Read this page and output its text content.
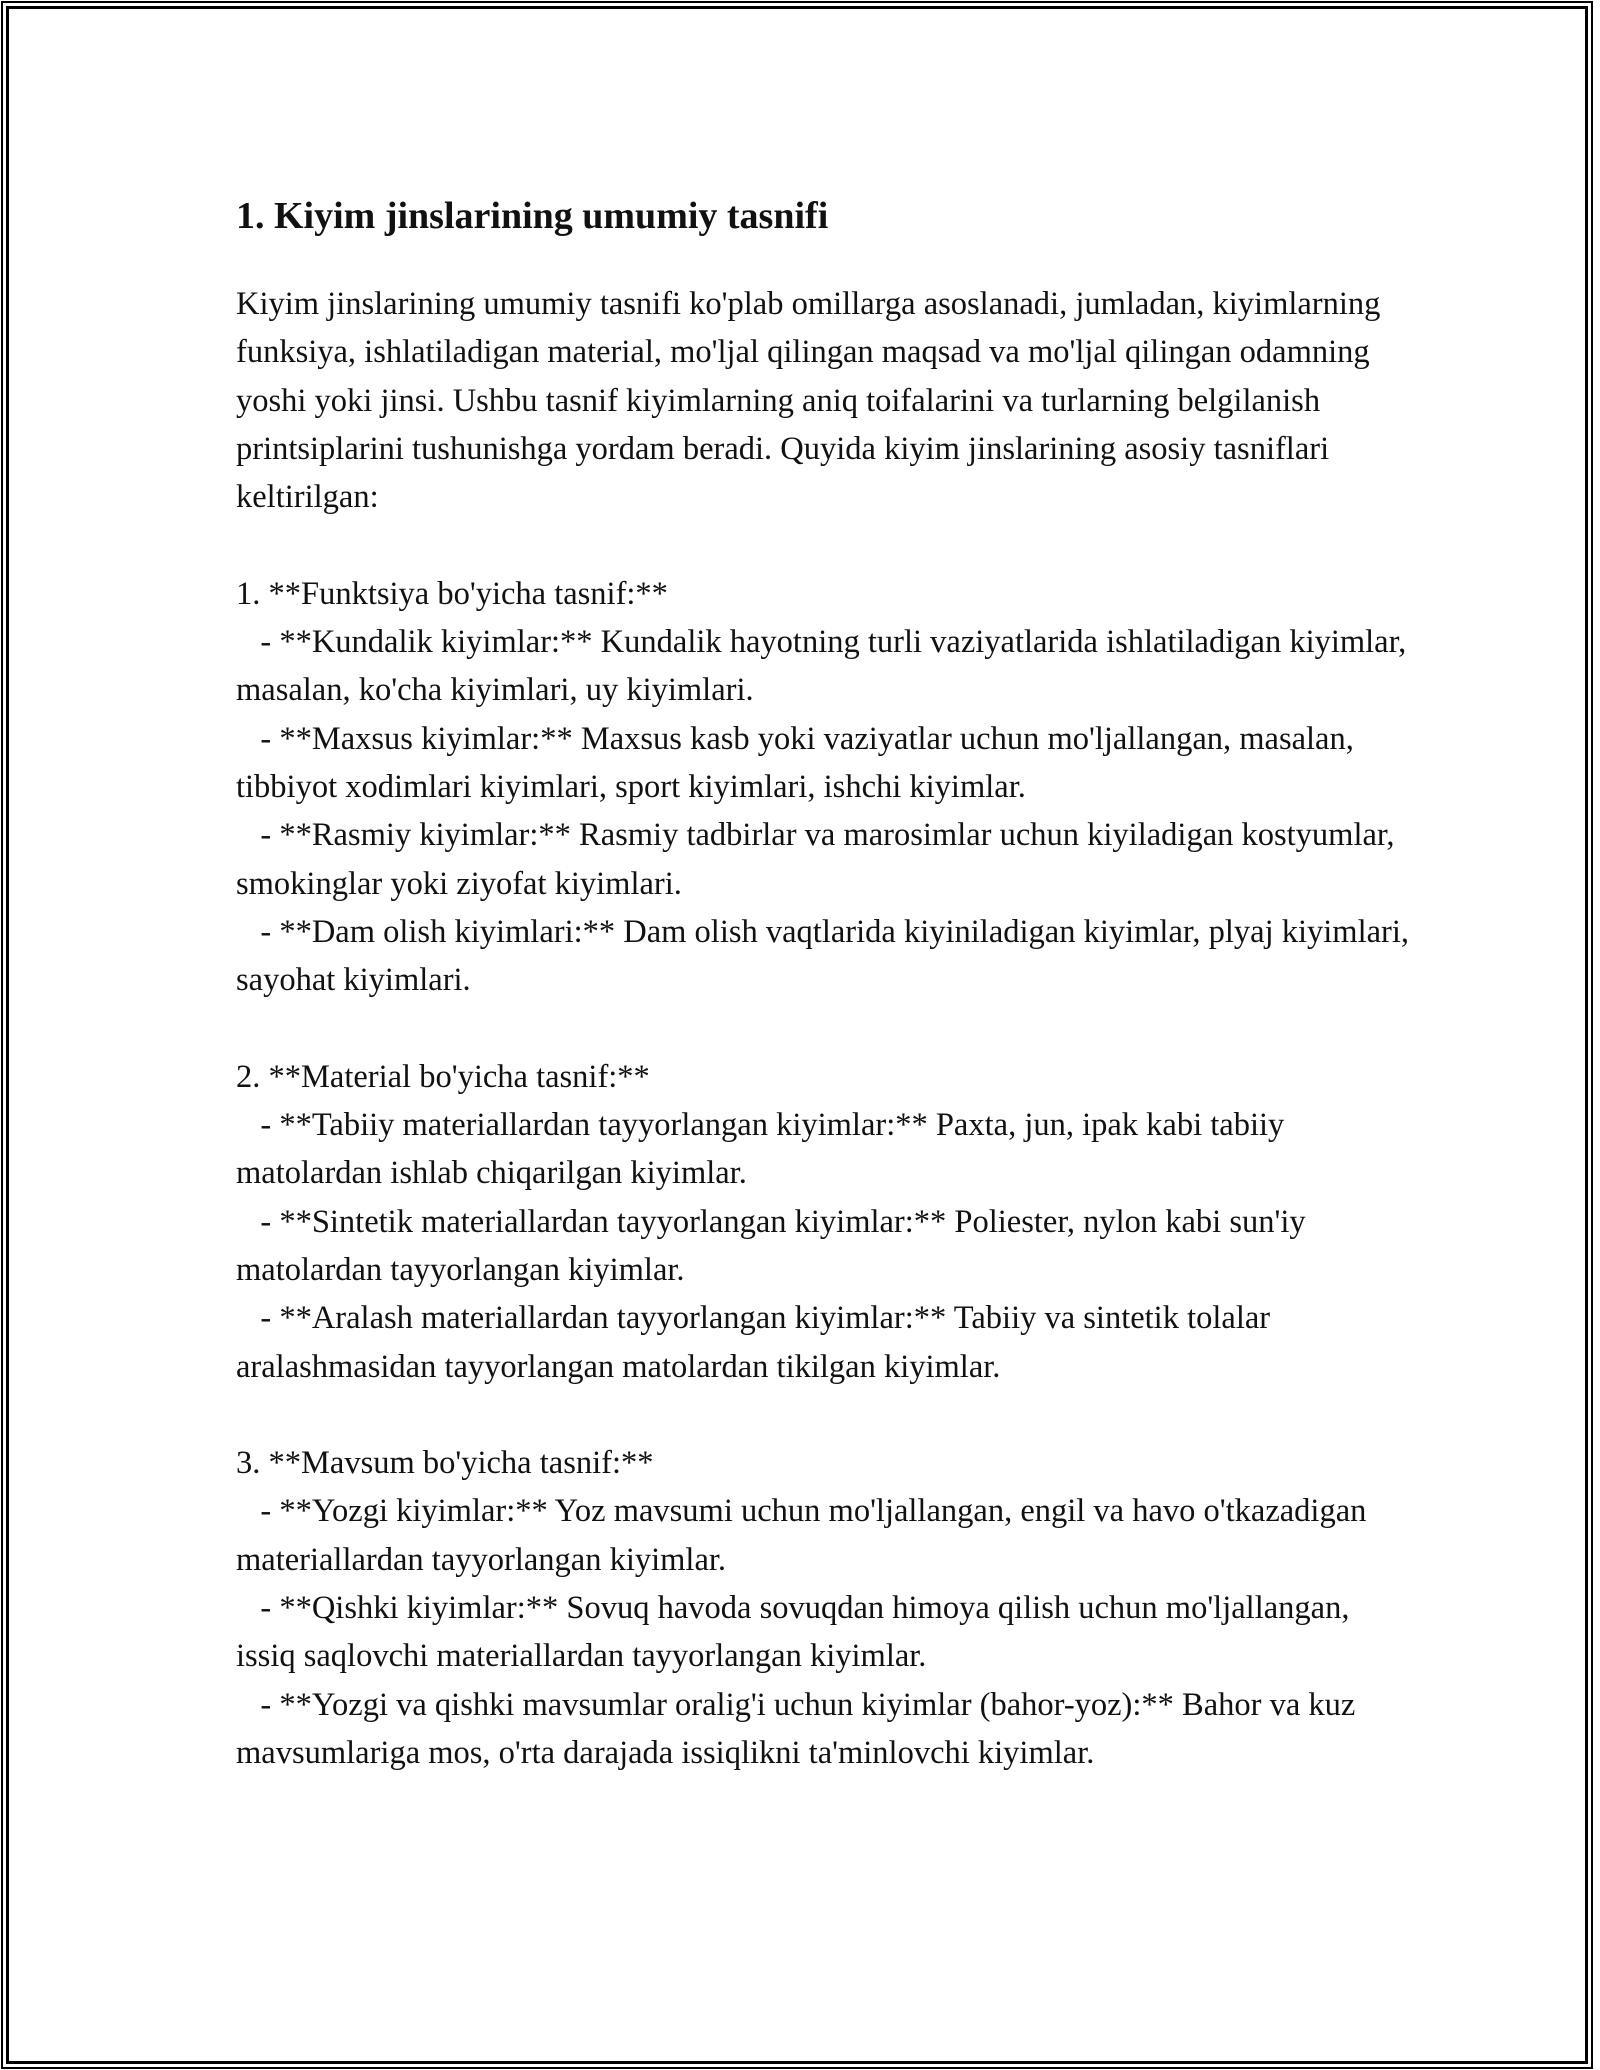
1. Kiyim jinslarining umumiy tasnifi

Kiyim jinslarining umumiy tasnifi ko'plab omillarga asoslanadi, jumladan, kiyimlarning funksiya, ishlatiladigan material, mo'ljal qilingan maqsad va mo'ljal qilingan odamning yoshi yoki jinsi. Ushbu tasnif kiyimlarning aniq toifalarini va turlarning belgilanish printsiplarini tushunishga yordam beradi. Quyida kiyim jinslarining asosiy tasniflari keltirilgan:

1. **Funktsiya bo'yicha tasnif:**
- **Kundalik kiyimlar:** Kundalik hayotning turli vaziyatlarida ishlatiladigan kiyimlar, masalan, ko'cha kiyimlari, uy kiyimlari.
- **Maxsus kiyimlar:** Maxsus kasb yoki vaziyatlar uchun mo'ljallangan, masalan, tibbiyot xodimlari kiyimlari, sport kiyimlari, ishchi kiyimlar.
- **Rasmiy kiyimlar:** Rasmiy tadbirlar va marosimlar uchun kiyiladigan kostyumlar, smokinglar yoki ziyofat kiyimlari.
- **Dam olish kiyimlari:** Dam olish vaqtlarida kiyiniladigan kiyimlar, plyaj kiyimlari, sayohat kiyimlari.

2. **Material bo'yicha tasnif:**
- **Tabiiy materiallardan tayyorlangan kiyimlar:** Paxta, jun, ipak kabi tabiiy matolardan ishlab chiqarilgan kiyimlar.
- **Sintetik materiallardan tayyorlangan kiyimlar:** Poliester, nylon kabi sun'iy matolardan tayyorlangan kiyimlar.
- **Aralash materiallardan tayyorlangan kiyimlar:** Tabiiy va sintetik tolalar aralashmasidan tayyorlangan matolardan tikilgan kiyimlar.

3. **Mavsum bo'yicha tasnif:**
- **Yozgi kiyimlar:** Yoz mavsumi uchun mo'ljallangan, engil va havo o'tkazadigan materiallardan tayyorlangan kiyimlar.
- **Qishki kiyimlar:** Sovuq havoda sovuqdan himoya qilish uchun mo'ljallangan, issiq saqlovchi materiallardan tayyorlangan kiyimlar.
- **Yozgi va qishki mavsumlar oralig'i uchun kiyimlar (bahor-yoz):** Bahor va kuz mavsumlariga mos, o'rta darajada issiqlikni ta'minlovchi kiyimlar.
